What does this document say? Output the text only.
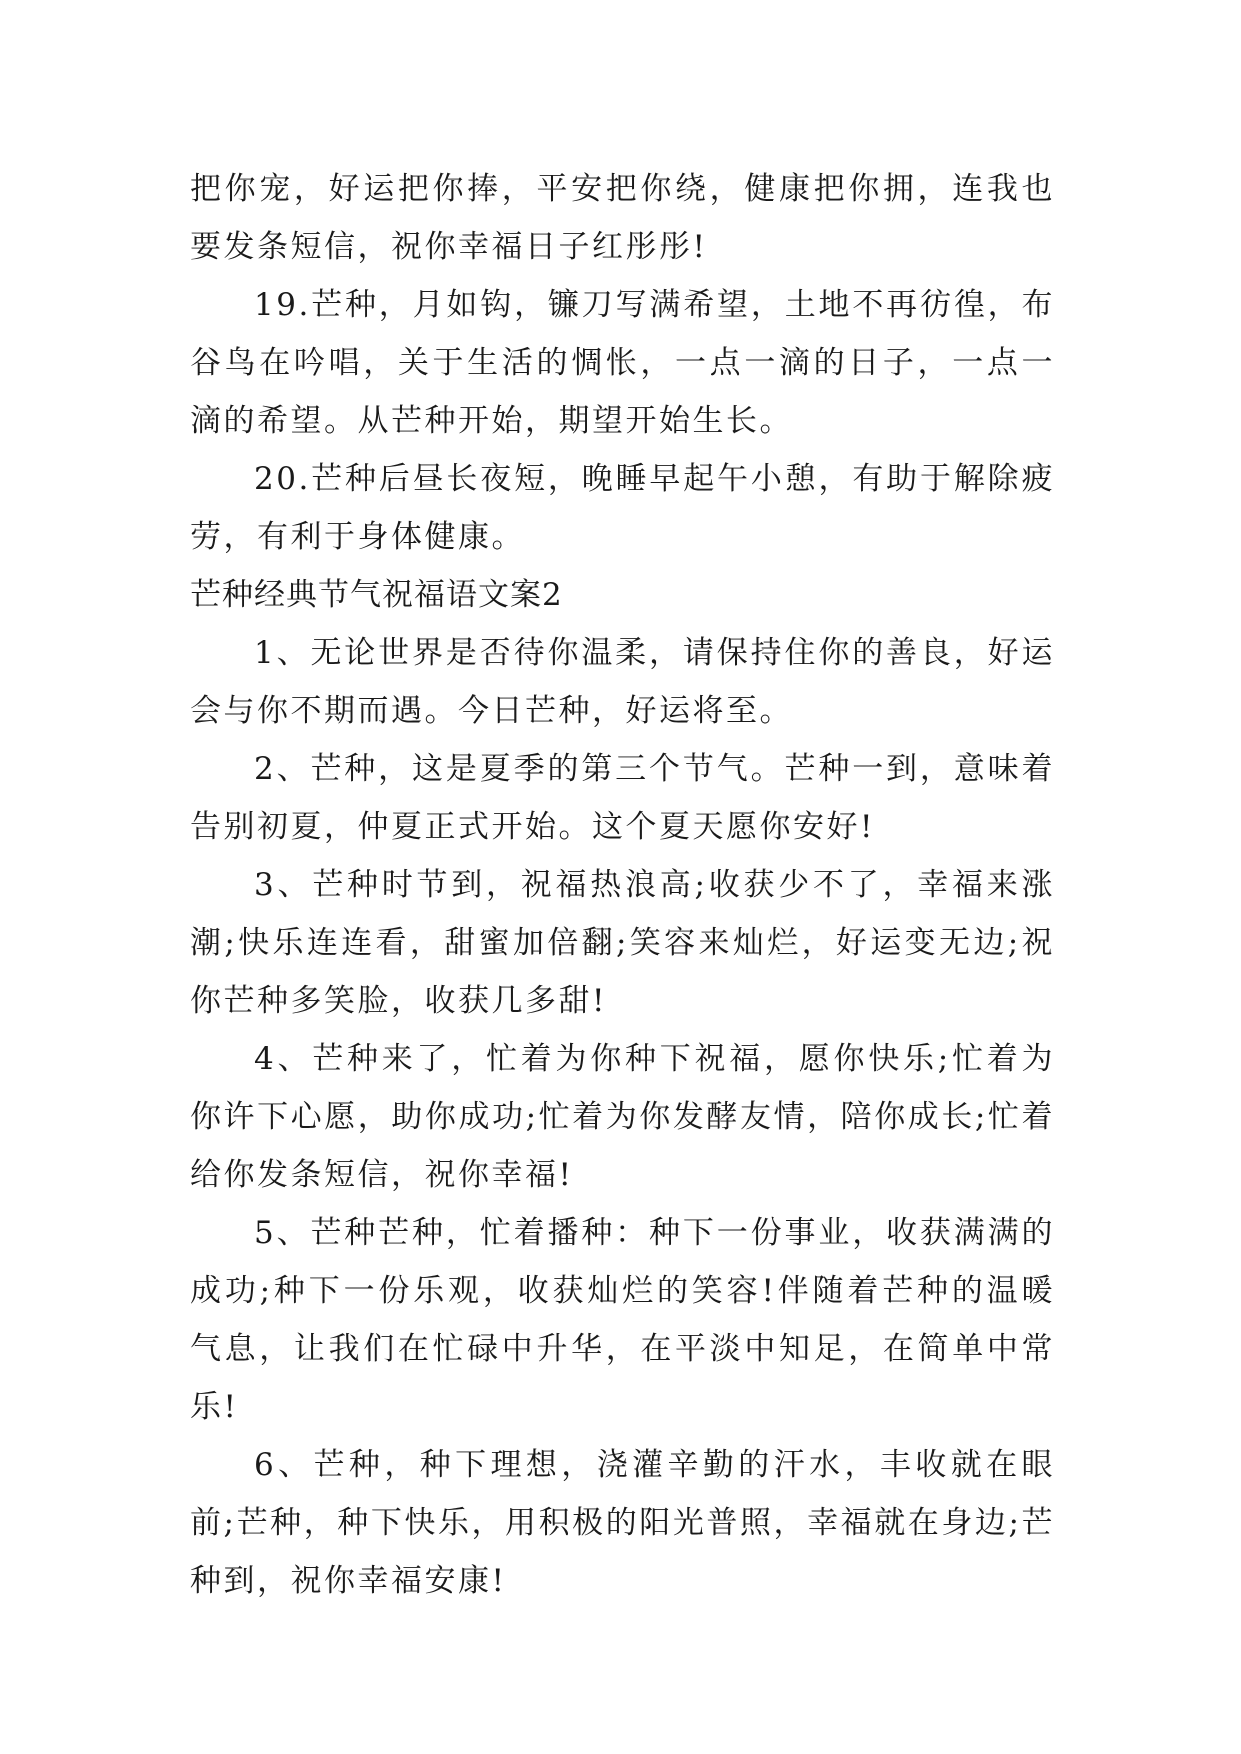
把你宠，好运把你捧，平安把你绕，健康把你拥，连我也要发条短信，祝你幸福日子红彤彤!

19.芒种，月如钩，镰刀写满希望，土地不再彷徨，布谷鸟在吟唱，关于生活的惆怅，一点一滴的日子，一点一滴的希望。从芒种开始，期望开始生长。

20.芒种后昼长夜短，晚睡早起午小憩，有助于解除疲劳，有利于身体健康。

芒种经典节气祝福语文案2

1、无论世界是否待你温柔，请保持住你的善良，好运会与你不期而遇。今日芒种，好运将至。

2、芒种，这是夏季的第三个节气。芒种一到，意味着告别初夏，仲夏正式开始。这个夏天愿你安好!

3、芒种时节到，祝福热浪高;收获少不了，幸福来涨潮;快乐连连看，甜蜜加倍翻;笑容来灿烂，好运变无边;祝你芒种多笑脸，收获几多甜!

4、芒种来了，忙着为你种下祝福，愿你快乐;忙着为你许下心愿，助你成功;忙着为你发酵友情，陪你成长;忙着给你发条短信，祝你幸福!

5、芒种芒种，忙着播种：种下一份事业，收获满满的成功;种下一份乐观，收获灿烂的笑容!伴随着芒种的温暖气息，让我们在忙碌中升华，在平淡中知足，在简单中常乐!

6、芒种，种下理想，浇灌辛勤的汗水，丰收就在眼前;芒种，种下快乐，用积极的阳光普照，幸福就在身边;芒种到，祝你幸福安康!
